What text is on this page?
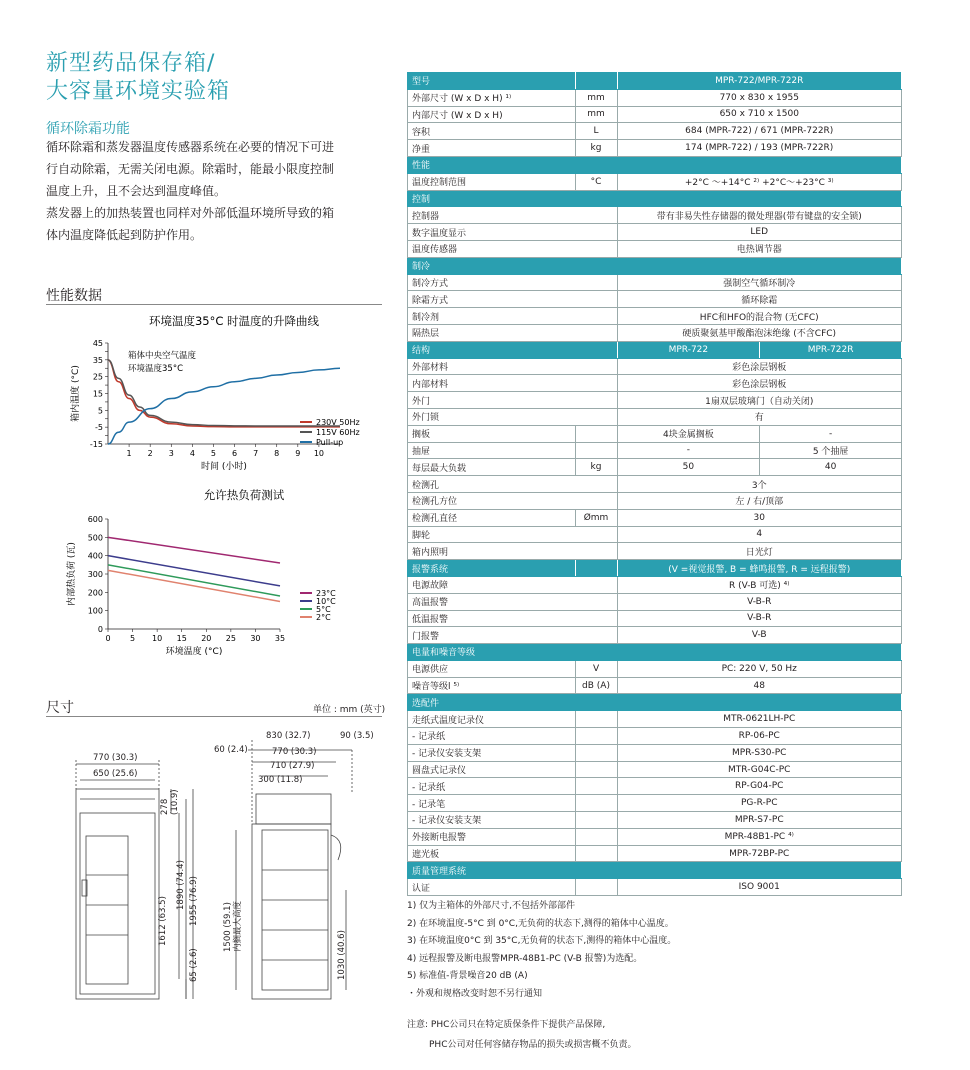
新型药品保存箱/
大容量环境实验箱
循环除霜功能
循环除霜和蒸发器温度传感器系统在必要的情况下可进
行自动除霜，无需关闭电源。除霜时，能最小限度控制
温度上升，且不会达到温度峰值。
蒸发器上的加热装置也同样对外部低温环境所导致的箱
体内温度降低起到防护作用。
性能数据
环境温度35°C 时温度的升降曲线
-15
-5
5
15
25
35
45
1 2 3 4 5 6 7 8 9 10
时间 (小时)
箱内温度 (°C)
230V 50Hz
115V 60Hz
Pull-up
箱体中央空气温度
环境温度35°C
允许热负荷测试
0
100
200
300
400
500
600
0 5 10 15 20 25 30 35
环境温度 (°C)
内部热负荷 (瓦)	23°C
10°C
5°C
2°C
尺寸	单位 : mm (英寸)
770 (30.3)
650 (25.6)
278 (10.9)
1612 (63.5)
1890 (74.4) 1955 (76.9)
65 (2.6)
830 (32.7)	90 (3.5)
60 (2.4)	770 (30.3)
710 (27.9)
300 (11.8)
1500 (59.1) 内搁最大高度
1030 (40.6)
型号		MPR-722/MPR-722R	
外部尺寸 (W x D x H) ¹⁾	mm	770 x 830 x 1955	
内部尺寸 (W x D x H)	mm	650 x 710 x 1500	
容积	L	684 (MPR-722) / 671 (MPR-722R)	
净重	kg	174 (MPR-722) / 193 (MPR-722R)	
性能			
温度控制范围	°C	+2°C ～+14°C ²⁾ +2°C～+23°C ³⁾	
控制			
控制器		带有非易失性存储器的微处理器(带有键盘的安全锁)	
数字温度显示		LED	
温度传感器		电热调节器	
制冷			
制冷方式		强制空气循环制冷	
除霜方式		循环除霜	
制冷剂		HFC和HFO的混合物 (无CFC)	
隔热层		硬质聚氨基甲酸酯泡沫绝缘 (不含CFC)	
结构		MPR-722	MPR-722R
外部材料		彩色涂层钢板	
内部材料		彩色涂层钢板	
外门		1扇双层玻璃门（自动关闭)	
外门锁		有	
搁板		4块金属搁板	-
抽屉		-	5 个抽屉
每层最大负载	kg	50	40
检测孔		3个	
检测孔方位		左 / 右/顶部	
检测孔直径	Ømm	30	
脚轮		4	
箱内照明		日光灯	
报警系统		(V =视觉报警, B = 蜂鸣报警, R = 远程报警)	
电源故障		R (V-B 可选) ⁴⁾	
高温报警		V-B-R	
低温报警		V-B-R	
门报警		V-B	
电量和噪音等级			
电源供应	V	PC: 220 V, 50 Hz	
噪音等级l ⁵⁾	dB (A)	48	
选配件			
走纸式温度记录仪		MTR-0621LH-PC	
- 记录纸		RP-06-PC	
- 记录仪安装支架		MPR-S30-PC	
圆盘式记录仪		MTR-G04C-PC	
- 记录纸		RP-G04-PC	
- 记录笔		PG-R-PC	
- 记录仪安装支架		MPR-S7-PC	
外接断电报警		MPR-48B1-PC ⁴⁾	
遮光板		MPR-72BP-PC	
质量管理系统			
认证		ISO 9001	
1) 仅为主箱体的外部尺寸,不包括外部部件
2) 在环境温度-5°C 到 0°C,无负荷的状态下,测得的箱体中心温度。
3) 在环境温度0°C 到 35°C,无负荷的状态下,测得的箱体中心温度。
4) 远程报警及断电报警MPR-48B1-PC (V-B 报警)为选配。
5) 标准值-背景噪音20 dB (A)
・外观和规格改变时恕不另行通知
注意: PHC公司只在特定质保条件下提供产品保障,
PHC公司对任何容储存物品的损失或损害概不负责。
